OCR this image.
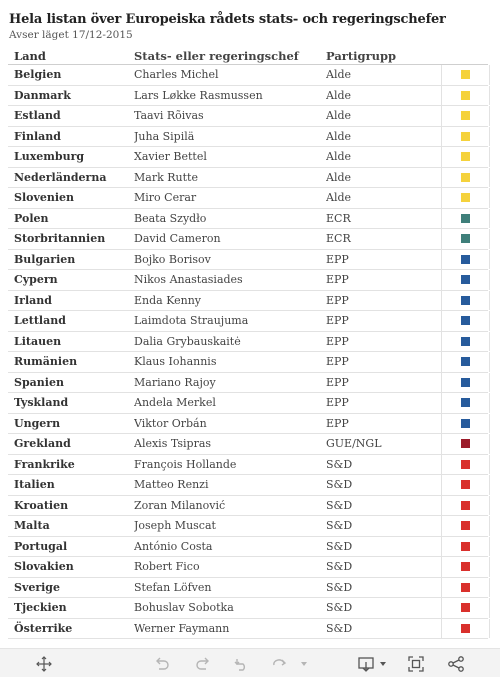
Hela listan över Europeiska rådets stats- och regeringschefer
Avser läget 17/12-2015
Land	Stats- eller regeringschef	Partigrupp
Belgien	Charles Michel	Alde
Danmark	Lars Løkke Rasmussen	Alde
Estland	Taavi Rõivas	Alde
Finland	Juha Sipilä	Alde
Luxemburg	Xavier Bettel	Alde
Nederländerna	Mark Rutte	Alde
Slovenien	Miro Cerar	Alde
Polen	Beata Szydło	ECR
Storbritannien	David Cameron	ECR
Bulgarien	Bojko Borisov	EPP
Cypern	Nikos Anastasiades	EPP
Irland	Enda Kenny	EPP
Lettland	Laimdota Straujuma	EPP
Litauen	Dalia Grybauskaitė	EPP
Rumänien	Klaus Iohannis	EPP
Spanien	Mariano Rajoy	EPP
Tyskland	Andela Merkel	EPP
Ungern	Viktor Orbán	EPP
Grekland	Alexis Tsipras	GUE/NGL
Frankrike	François Hollande	S&D
Italien	Matteo Renzi	S&D
Kroatien	Zoran Milanović	S&D
Malta	Joseph Muscat	S&D
Portugal	António Costa	S&D
Slovakien	Robert Fico	S&D
Sverige	Stefan Löfven	S&D
Tjeckien	Bohuslav Sobotka	S&D
Österrike	Werner Faymann	S&D
